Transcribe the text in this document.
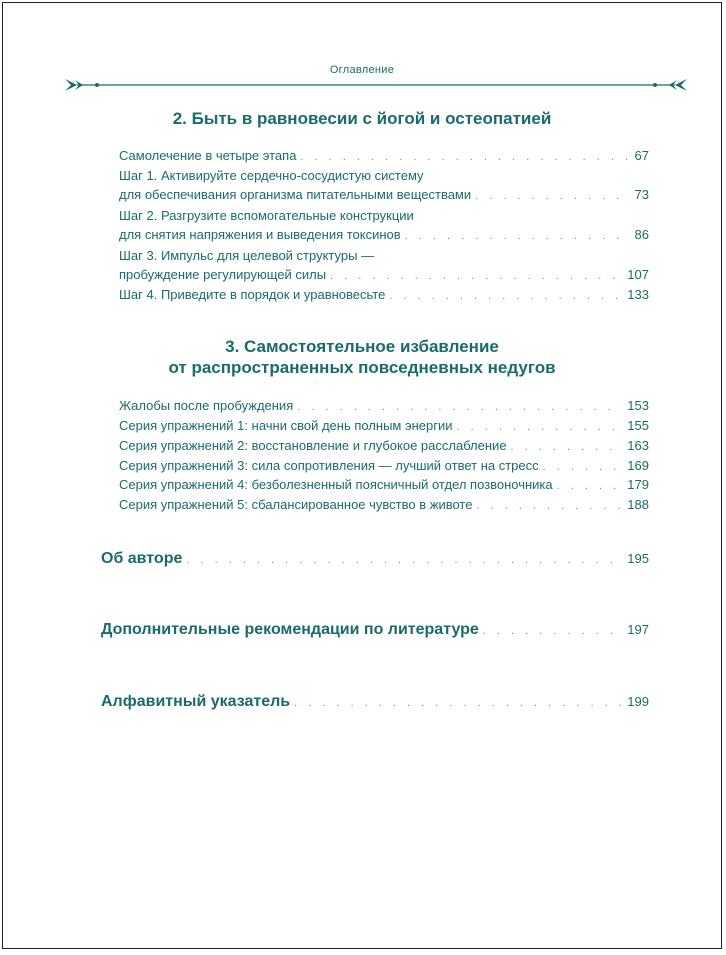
Оглавление
2. Быть в равновесии с йогой и остеопатией
Самолечение в четыре этапа . . .	67
Шаг 1. Активируйте сердечно-сосудистую систему
для обеспечивания организма питательными веществами . . .	73
Шаг 2. Разгрузите вспомогательные конструкции
для снятия напряжения и выведения токсинов . . .	86
Шаг 3. Импульс для целевой структуры —
пробуждение регулирующей силы . . .	107
Шаг 4. Приведите в порядок и уравновесьте . . .	133
3. Самостоятельное избавление
от распространенных повседневных недугов
Жалобы после пробуждения . . .	153
Серия упражнений 1: начни свой день полным энергии . . .	155
Серия упражнений 2: восстановление и глубокое расслабление . . .	163
Серия упражнений 3: сила сопротивления — лучший ответ на стресс . . .	169
Серия упражнений 4: безболезненный поясничный отдел позвоночника . . .	179
Серия упражнений 5: сбалансированное чувство в животе . . .	188
Об авторе . . .	195
Дополнительные рекомендации по литературе . . .	197
Алфавитный указатель . . .	199
